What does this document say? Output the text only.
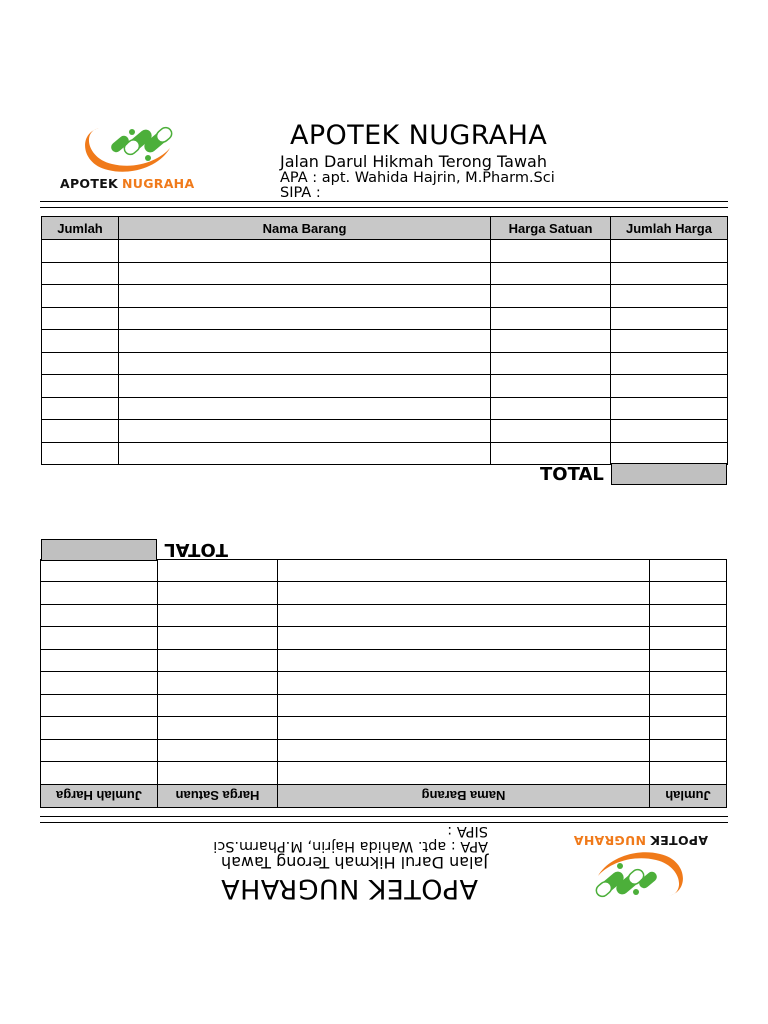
APOTEK NUGRAHA
APOTEK NUGRAHA
Jalan Darul Hikmah Terong Tawah
APA : apt. Wahida Hajrin, M.Pharm.Sci
SIPA :
Jumlah	Nama Barang	Harga Satuan	Jumlah Harga

TOTAL
APOTEKNUGRAHA
APOTEK NUGRAHA
Jalan Darul Hikmah Terong Tawah
APA : apt. Wahida Hajrin, M.Pharm.Sci
SIPA :
Jumlah	Nama Barang	Harga Satuan	Jumlah Harga

TOTAL
